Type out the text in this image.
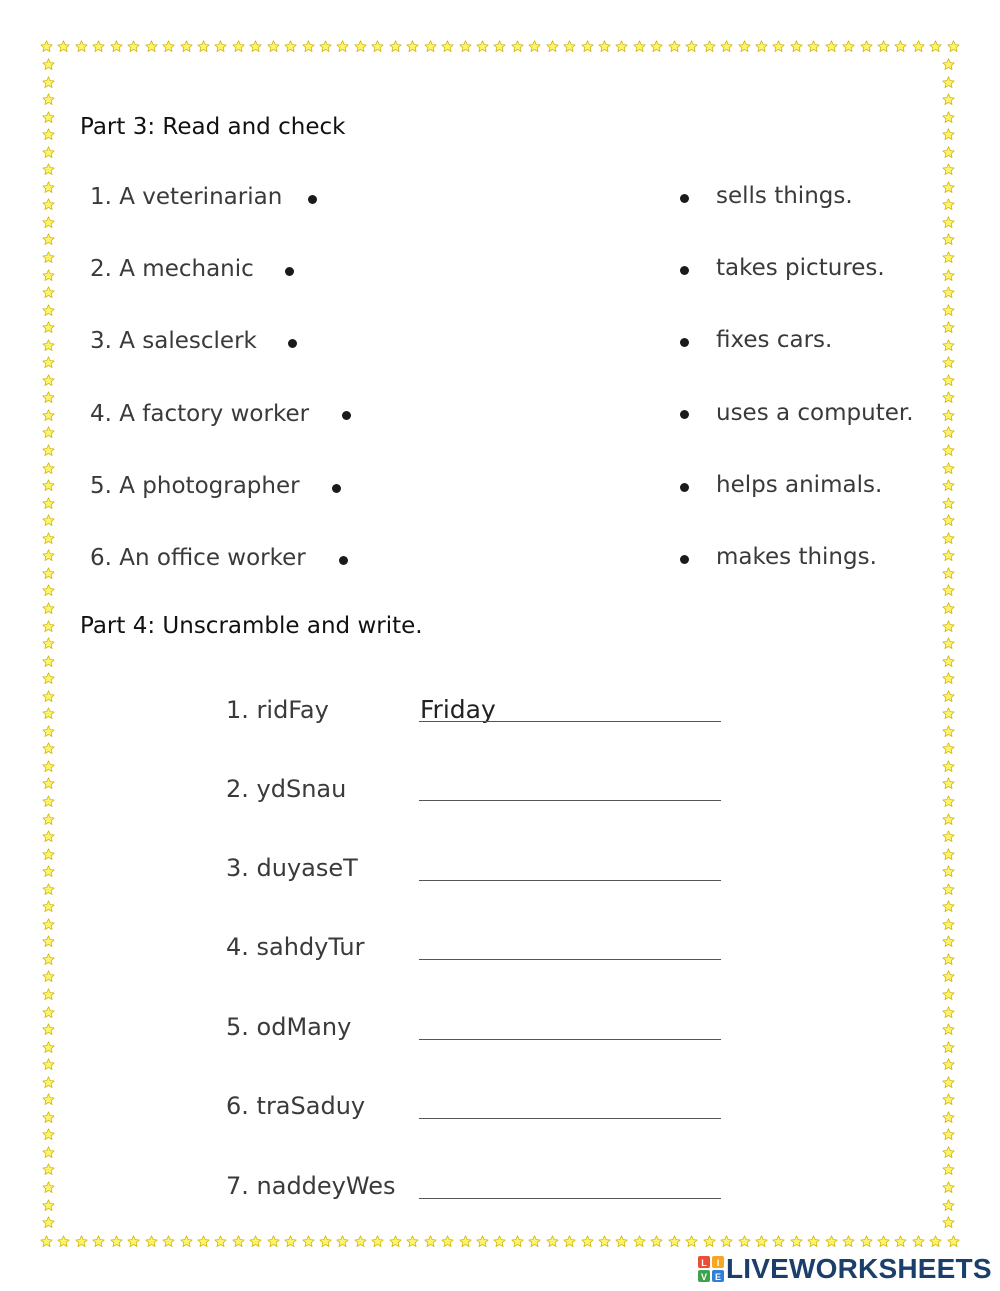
Part 3: Read and check
1. A veterinarian
2. A mechanic
3. A salesclerk
4. A factory worker
5. A photographer
6. An office worker
sells things.
takes pictures.
fixes cars.
uses a computer.
helps animals.
makes things.
Part 4: Unscramble and write.
1. ridFay
2. ydSnau
3. duyaseT
4. sahdyTur
5. odMany
6. traSaduy
7. naddeyWes
Friday
L I
V E LIVEWORKSHEETS
